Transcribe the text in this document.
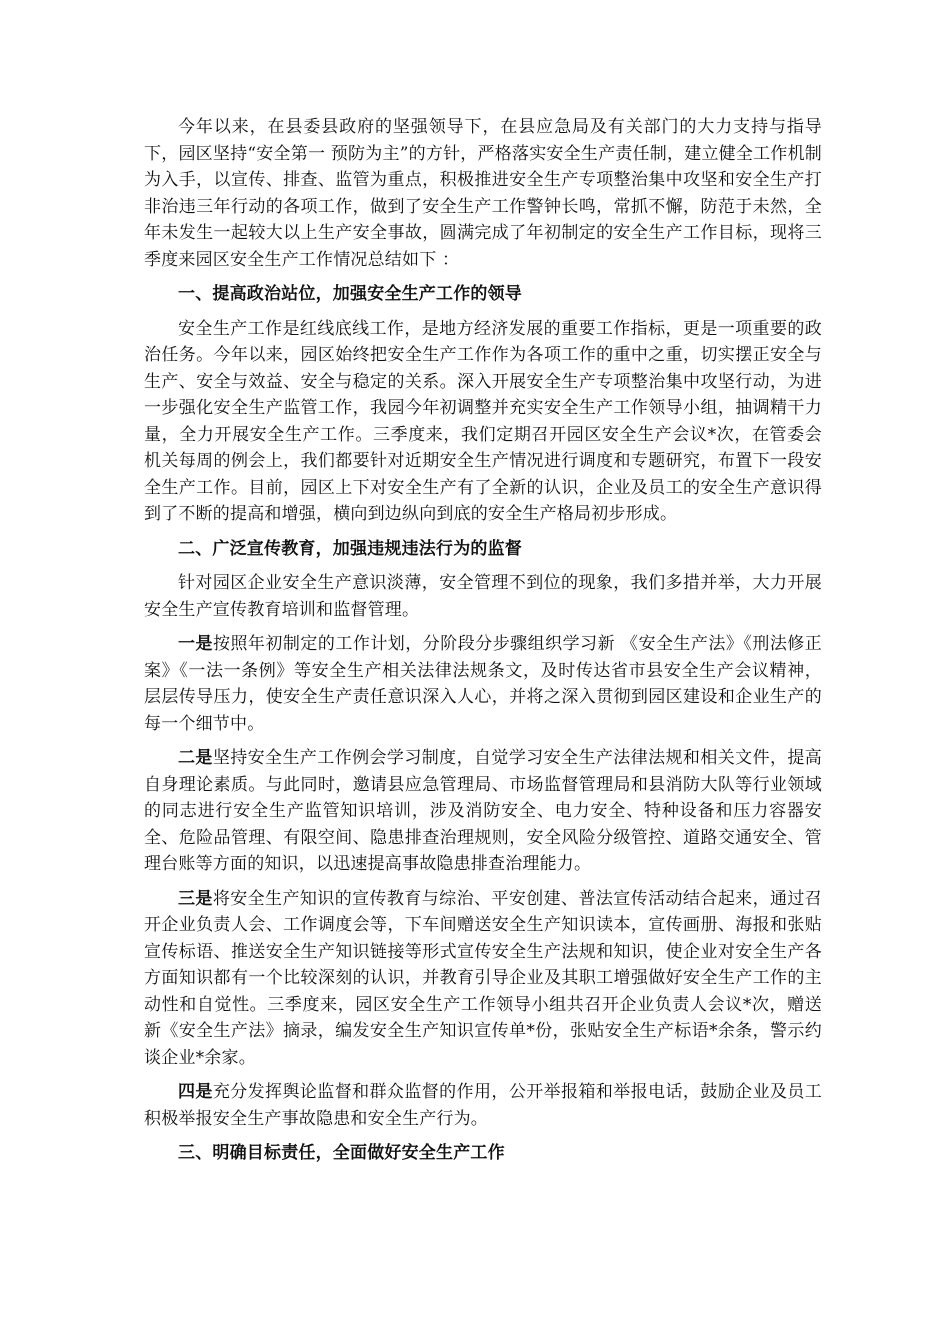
今年以来，在县委县政府的坚强领导下，在县应急局及有关部门的大力支持与指导下，园区坚持“安全第一 预防为主”的方针，严格落实安全生产责任制，建立健全工作机制为入手，以宣传、排查、监管为重点，积极推进安全生产专项整治集中攻坚和安全生产打非治违三年行动的各项工作，做到了安全生产工作警钟长鸣，常抓不懈，防范于未然，全年未发生一起较大以上生产安全事故，圆满完成了年初制定的安全生产工作目标，现将三季度来园区安全生产工作情况总结如下 ：

一、提高政治站位，加强安全生产工作的领导

安全生产工作是红线底线工作，是地方经济发展的重要工作指标，更是一项重要的政治任务。今年以来，园区始终把安全生产工作作为各项工作的重中之重，切实摆正安全与生产、安全与效益、安全与稳定的关系。深入开展安全生产专项整治集中攻坚行动，为进一步强化安全生产监管工作，我园今年初调整并充实安全生产工作领导小组，抽调精干力量，全力开展安全生产工作。三季度来，我们定期召开园区安全生产会议*次，在管委会机关每周的例会上，我们都要针对近期安全生产情况进行调度和专题研究，布置下一段安全生产工作。目前，园区上下对安全生产有了全新的认识，企业及员工的安全生产意识得到了不断的提高和增强，横向到边纵向到底的安全生产格局初步形成。

二、广泛宣传教育，加强违规违法行为的监督

针对园区企业安全生产意识淡薄，安全管理不到位的现象，我们多措并举，大力开展安全生产宣传教育培训和监督管理。

一是按照年初制定的工作计划，分阶段分步骤组织学习新 《安全生产法》《刑法修正案》《一法一条例》等安全生产相关法律法规条文，及时传达省市县安全生产会议精神，层层传导压力，使安全生产责任意识深入人心，并将之深入贯彻到园区建设和企业生产的每一个细节中。

二是坚持安全生产工作例会学习制度，自觉学习安全生产法律法规和相关文件，提高自身理论素质。与此同时，邀请县应急管理局、市场监督管理局和县消防大队等行业领域的同志进行安全生产监管知识培训，涉及消防安全、电力安全、特种设备和压力容器安全、危险品管理、有限空间、隐患排查治理规则，安全风险分级管控、道路交通安全、管理台账等方面的知识，以迅速提高事故隐患排查治理能力。

三是将安全生产知识的宣传教育与综治、平安创建、普法宣传活动结合起来，通过召开企业负责人会、工作调度会等，下车间赠送安全生产知识读本，宣传画册、海报和张贴宣传标语、推送安全生产知识链接等形式宣传安全生产法规和知识，使企业对安全生产各方面知识都有一个比较深刻的认识，并教育引导企业及其职工增强做好安全生产工作的主动性和自觉性。三季度来，园区安全生产工作领导小组共召开企业负责人会议*次，赠送新《安全生产法》摘录，编发安全生产知识宣传单*份，张贴安全生产标语*余条，警示约谈企业*余家。

四是充分发挥舆论监督和群众监督的作用，公开举报箱和举报电话，鼓励企业及员工积极举报安全生产事故隐患和安全生产行为。

三、明确目标责任，全面做好安全生产工作
